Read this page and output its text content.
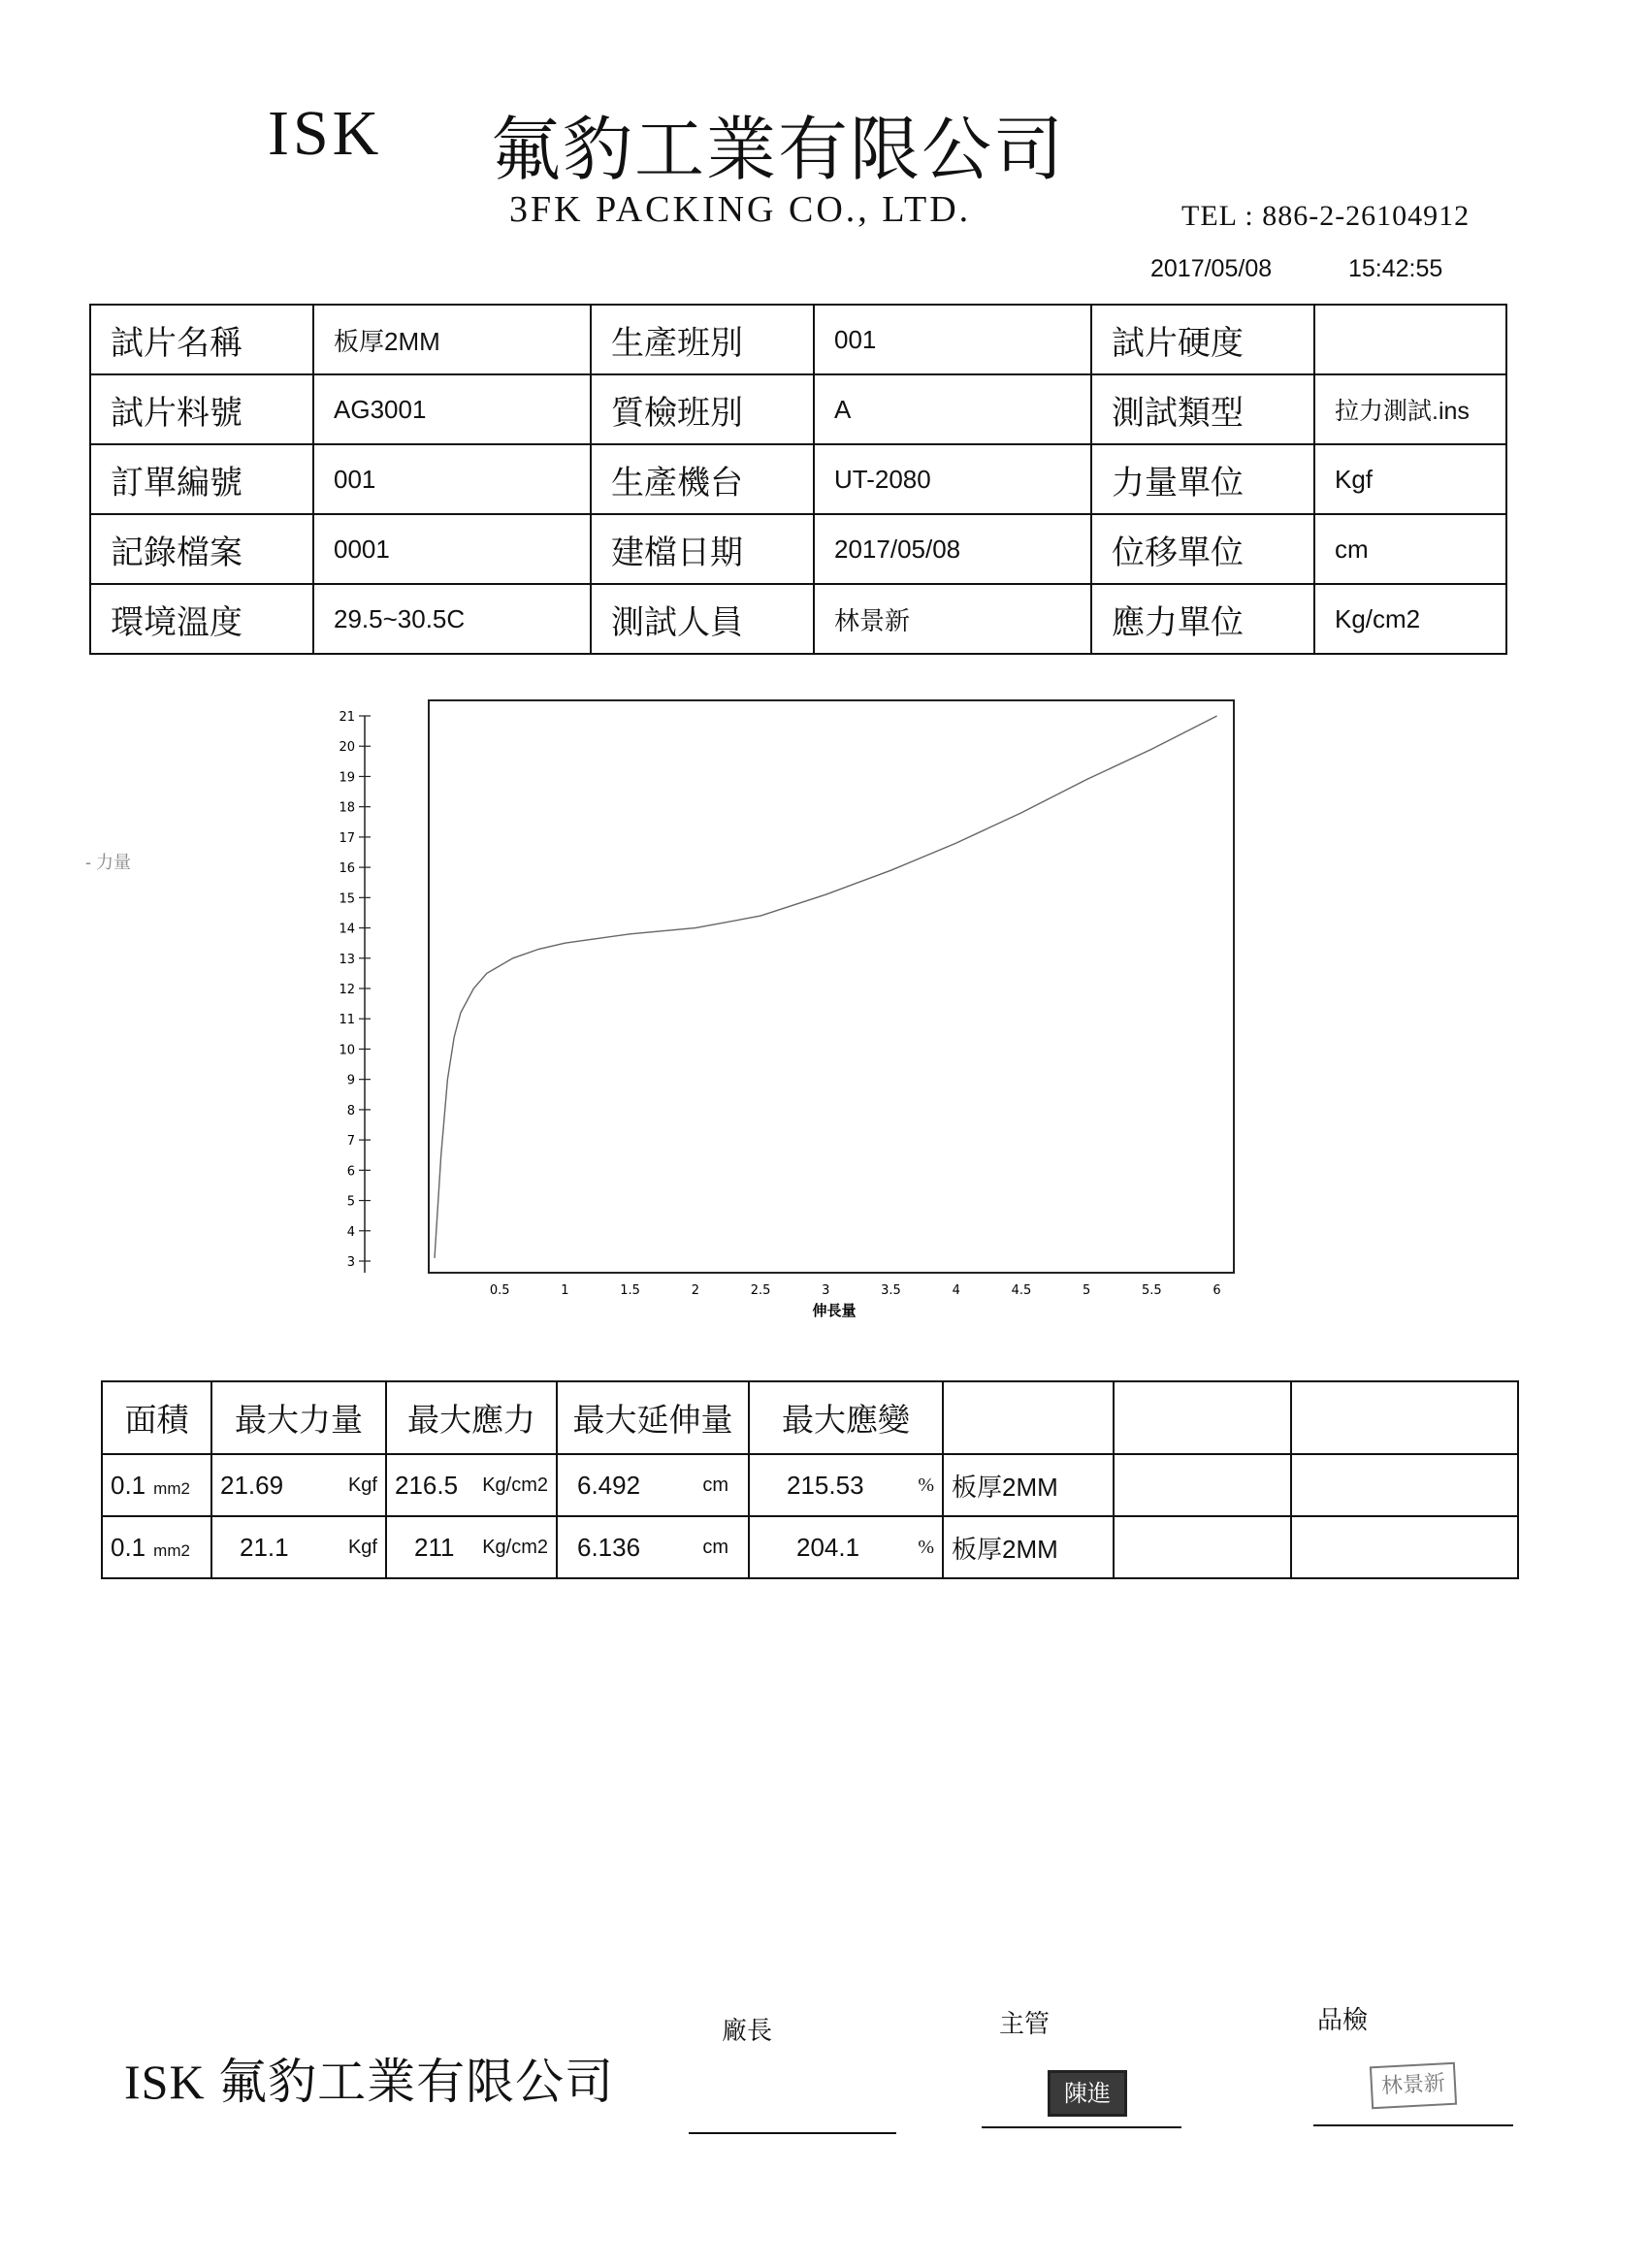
ISK 氟豹工業有限公司
3FK PACKING CO., LTD.	TEL : 886-2-26104912
2017/05/08	15:42:55
試片名稱	板厚2MM	生產班別	001	試片硬度	
試片料號	AG3001	質檢班別	A	測試類型	拉力測試.ins
訂單編號	001	生產機台	UT-2080	力量單位	Kgf
記錄檔案	0001	建檔日期	2017/05/08	位移單位	cm
環境溫度	29.5~30.5C	測試人員	林景新	應力單位	Kg/cm2
- 力量
3
4
5
6
7
8
9
10
11
12
13
14
15
16
17
18
19
20
21
0.5	1	1.5	2	2.5	3	3.5	4	4.5	5	5.5	6
伸長量
面積	最大力量	最大應力	最大延伸量	最大應變			
0.1 mm2	21.69 Kgf	216.5 Kg/cm2	6.492 cm	215.53 %	板厚2MM		
0.1 mm2	21.1 Kgf	211 Kg/cm2	6.136 cm	204.1 %	板厚2MM		
ISK 氟豹工業有限公司
廠長	主管
陳進
品檢
林景新
